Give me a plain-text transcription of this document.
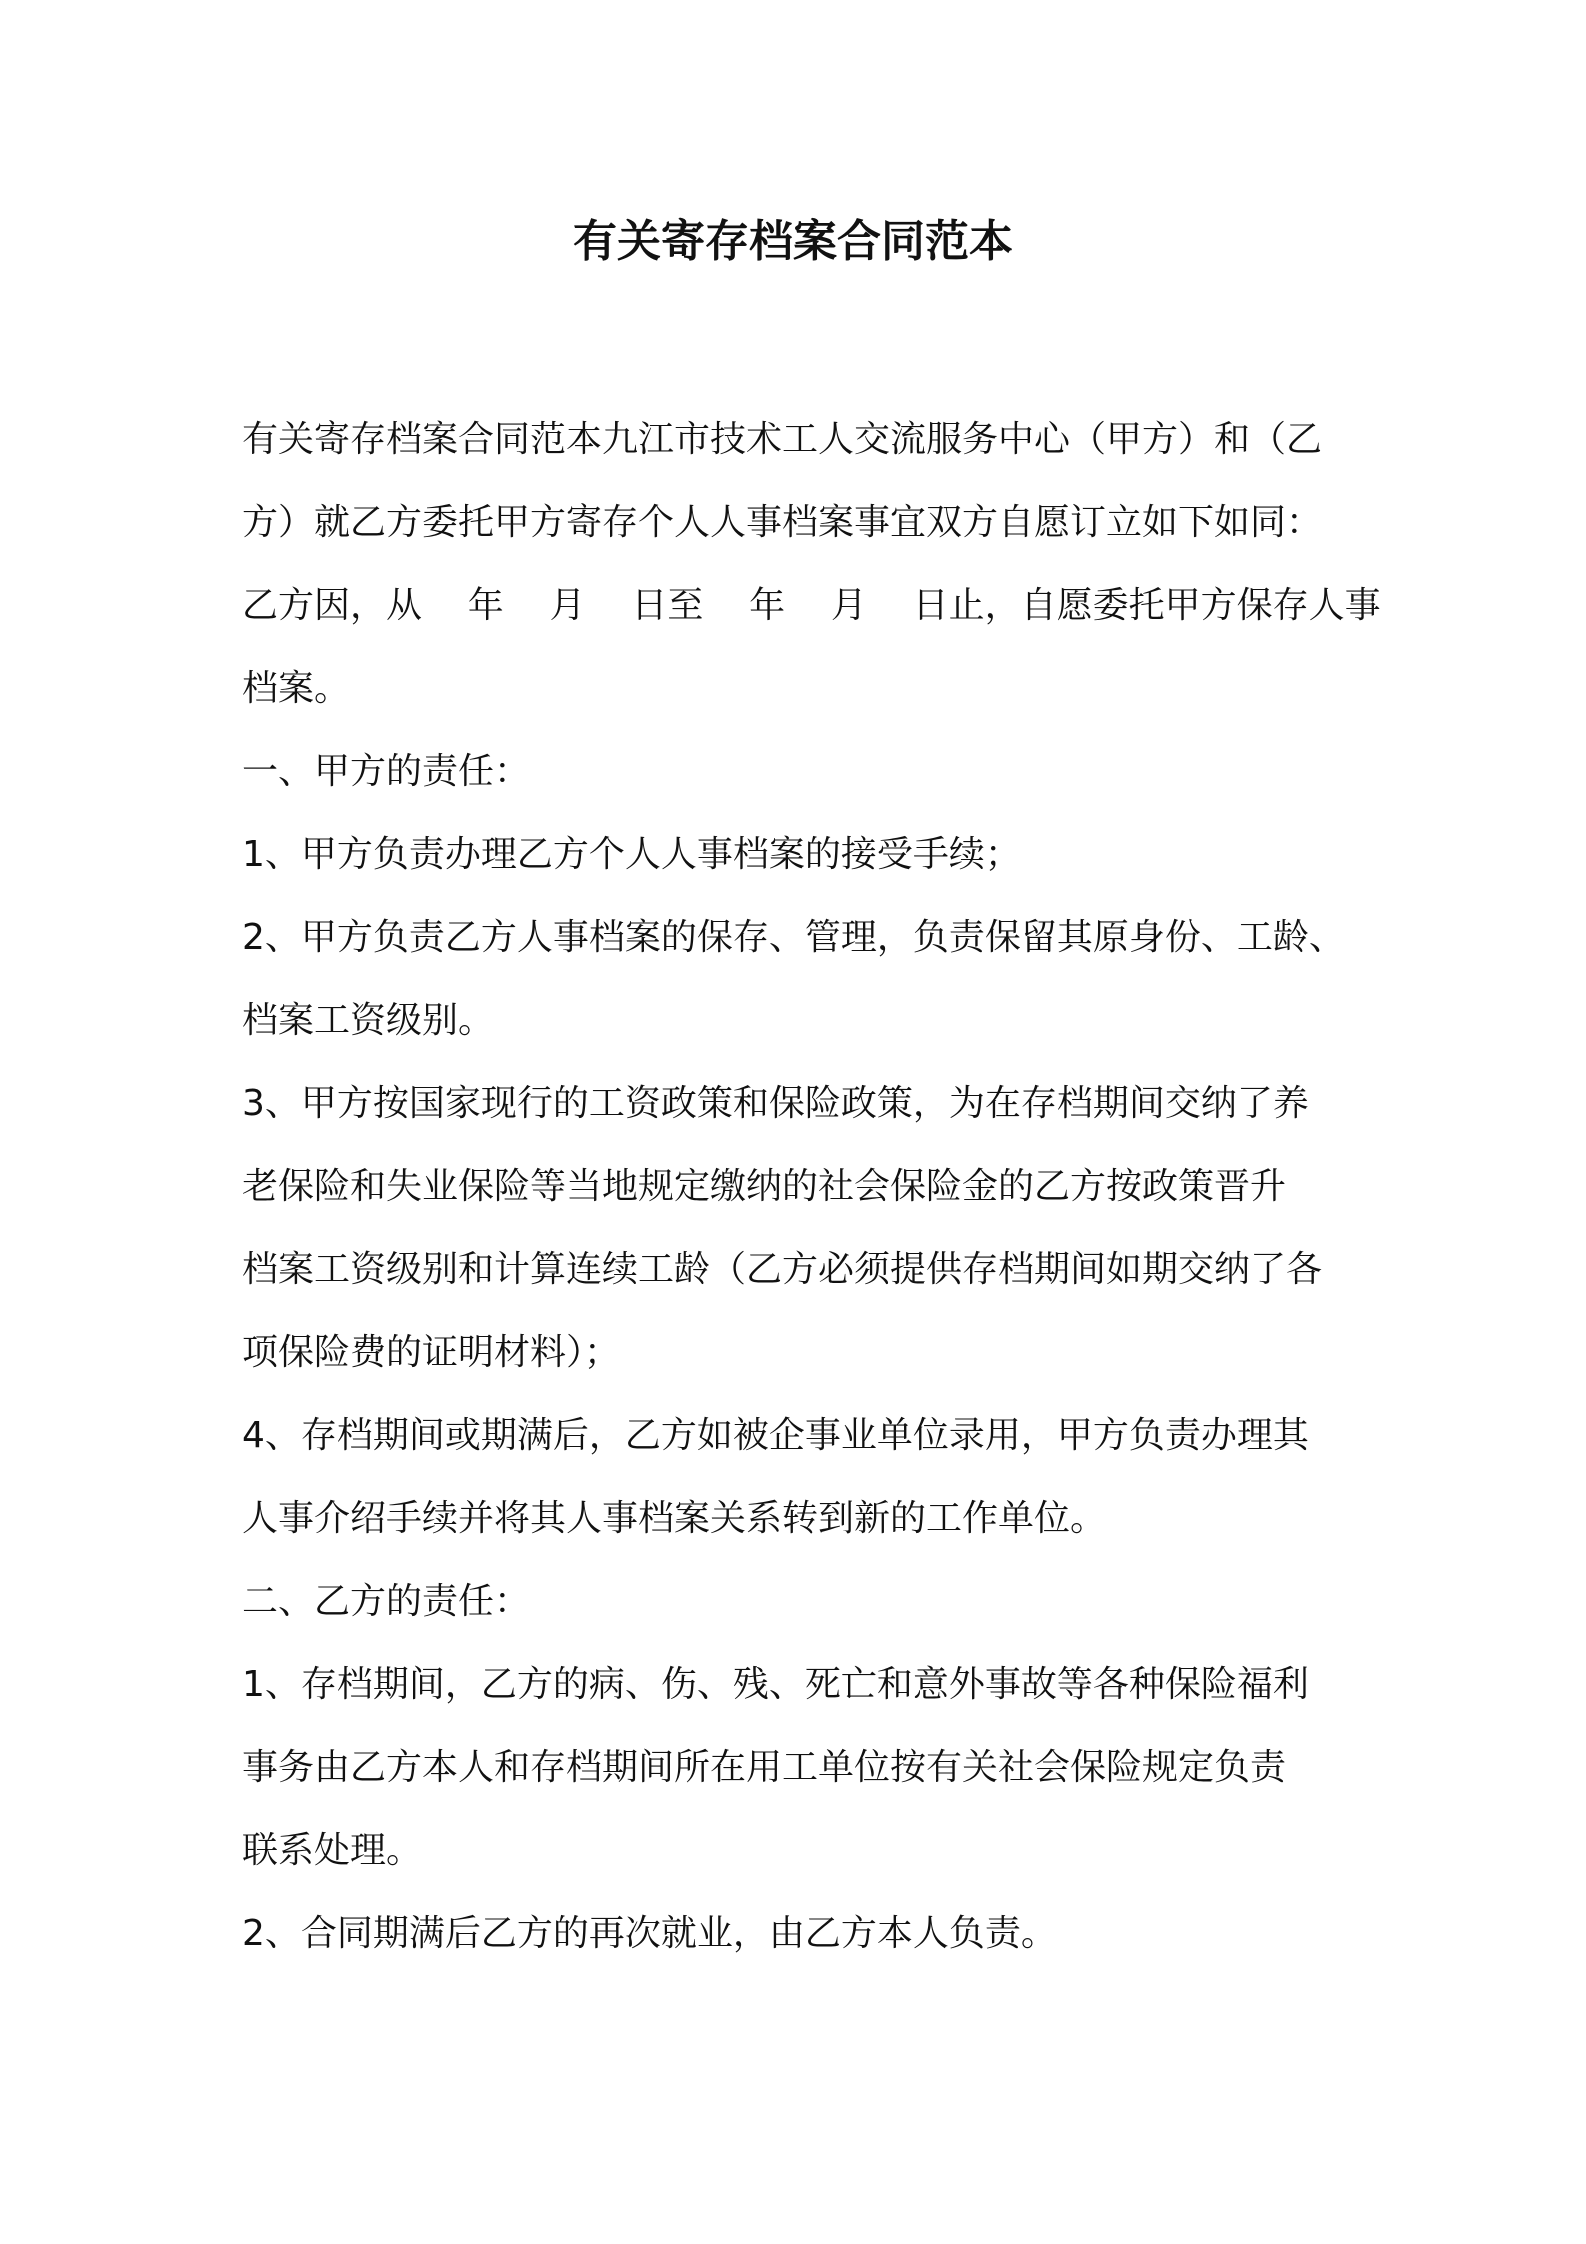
有关寄存档案合同范本
有关寄存档案合同范本九江市技术工人交流服务中心（甲方）和（乙
方）就乙方委托甲方寄存个人人事档案事宜双方自愿订立如下如同：
乙方因，从    年    月    日至    年    月    日止，自愿委托甲方保存人事
档案。
一、甲方的责任：
1、甲方负责办理乙方个人人事档案的接受手续；
2、甲方负责乙方人事档案的保存、管理，负责保留其原身份、工龄、
档案工资级别。
3、甲方按国家现行的工资政策和保险政策，为在存档期间交纳了养
老保险和失业保险等当地规定缴纳的社会保险金的乙方按政策晋升
档案工资级别和计算连续工龄（乙方必须提供存档期间如期交纳了各
项保险费的证明材料）；
4、存档期间或期满后，乙方如被企事业单位录用，甲方负责办理其
人事介绍手续并将其人事档案关系转到新的工作单位。
二、乙方的责任：
1、存档期间，乙方的病、伤、残、死亡和意外事故等各种保险福利
事务由乙方本人和存档期间所在用工单位按有关社会保险规定负责
联系处理。
2、合同期满后乙方的再次就业，由乙方本人负责。
